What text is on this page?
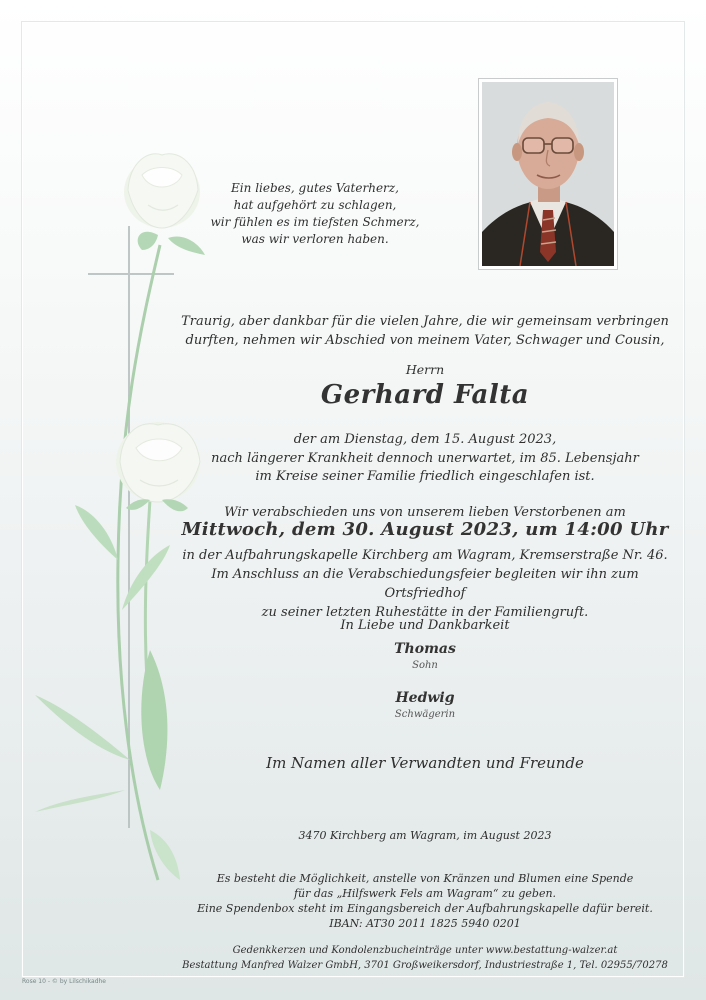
Ein liebes, gutes Vaterherz,
hat aufgehört zu schlagen,
wir fühlen es im tiefsten Schmerz,
was wir verloren haben.
Traurig, aber dankbar für die vielen Jahre, die wir gemeinsam verbringen
durften, nehmen wir Abschied von meinem Vater, Schwager und Cousin,
Herrn
Gerhard Falta
der am Dienstag, dem 15. August 2023,
nach längerer Krankheit dennoch unerwartet, im 85. Lebensjahr
im Kreise seiner Familie friedlich eingeschlafen ist.
Wir verabschieden uns von unserem lieben Verstorbenen am
Mittwoch, dem 30. August 2023, um 14:00 Uhr
in der Aufbahrungskapelle Kirchberg am Wagram, Kremserstraße Nr. 46.
Im Anschluss an die Verabschiedungsfeier begleiten wir ihn zum Ortsfriedhof
zu seiner letzten Ruhestätte in der Familiengruft.
In Liebe und Dankbarkeit
Thomas
Sohn
Hedwig
Schwägerin
Im Namen aller Verwandten und Freunde
3470 Kirchberg am Wagram, im August 2023
Es besteht die Möglichkeit, anstelle von Kränzen und Blumen eine Spende
für das „Hilfswerk Fels am Wagram“ zu geben.
Eine Spendenbox steht im Eingangsbereich der Aufbahrungskapelle dafür bereit.
IBAN: AT30 2011 1825 5940 0201
Gedenkkerzen und Kondolenzbucheinträge unter www.bestattung-walzer.at
Bestattung Manfred Walzer GmbH, 3701 Großweikersdorf, Industriestraße 1, Tel. 02955/70278
Rose 10 - © by Lilschikadhe
